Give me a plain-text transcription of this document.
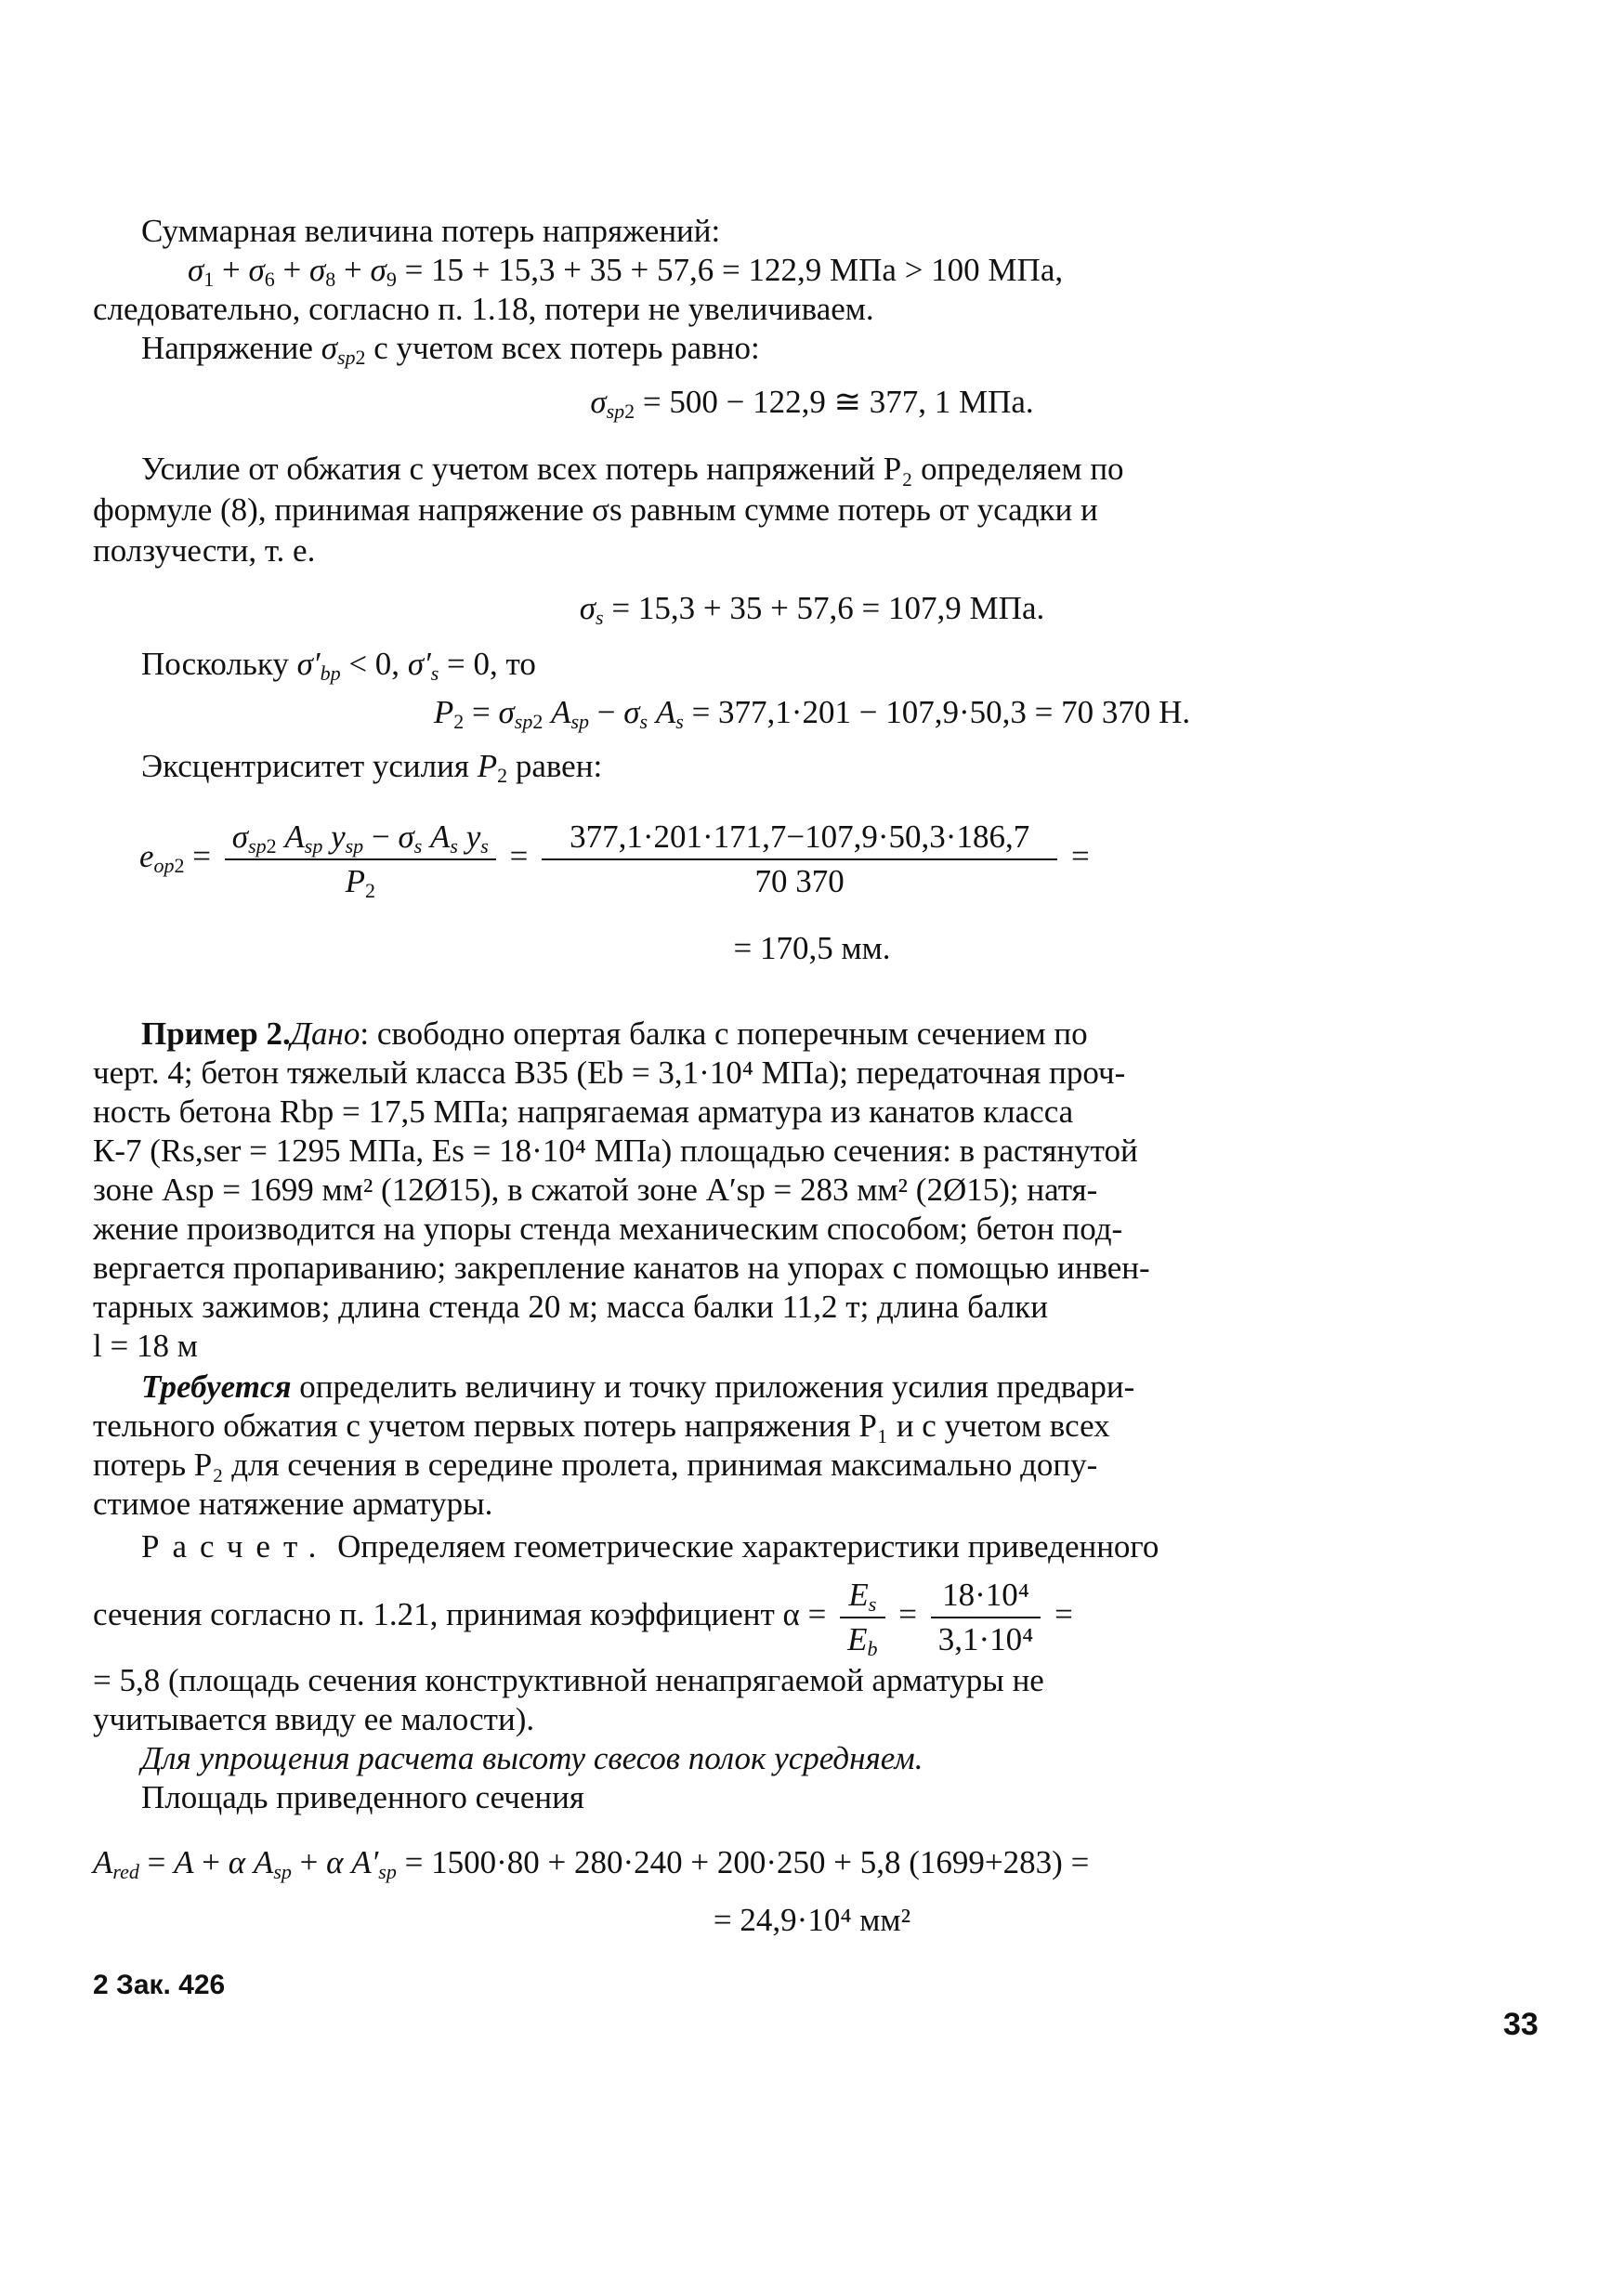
Суммарная величина потерь напряжений:
$\sigma_1 + \sigma_6 + \sigma_8 + \sigma_9 = 15 + 15,3 + 35 + 57,6 = 122,9$ МПа > 100 МПа,
следовательно, согласно п. 1.18, потери не увеличиваем.
Напряжение $\sigma_{sp2}$ с учетом всех потерь равно:
$\sigma_{sp2} = 500 - 122,9$ ≅ 377, 1 МПа.
Усилие от обжатия с учетом всех потерь напряжений P₂ определяем по
формуле (8), принимая напряжение σs равным сумме потерь от усадки и
ползучести, т. е.
$\sigma_s = 15,3 + 35 + 57,6 = 107,9$ МПа.
Поскольку $\sigma'_{bp} < 0$, $\sigma'_s = 0$, то
$P_2 = \sigma_{sp2}$ $A_{sp} - \sigma_s$ $A_s = 377,1\cdot 201 - 107,9\cdot 50,3 = 70$ 370 Н.
Эксцентриситет усилия $P_2$ равен:
$e_{op2} = \frac{\sigma_{sp2} A_{sp} y_{sp} - \sigma_s A_s y_s}{P_2} = \frac{377,1\cdot 201\cdot 171,7-107,9\cdot 50,3\cdot 186,7}{70 370}$ =
= 170,5 мм.
Пример 2.Дано: свободно опертая балка с поперечным сечением по
черт. 4; бетон тяжелый класса B35 (Eb = 3,1·10⁴ МПа); передаточная проч-
ность бетона Rbp = 17,5 МПа; напрягаемая арматура из канатов класса
К-7 (Rs,ser = 1295 МПа, Es = 18·10⁴ МПа) площадью сечения: в растянутой
зоне Asp = 1699 мм² (12Ø15), в сжатой зоне A′sp = 283 мм² (2Ø15); натя-
жение производится на упоры стенда механическим способом; бетон под-
вергается пропариванию; закрепление канатов на упорах с помощью инвен-
тарных зажимов; длина стенда 20 м; масса балки 11,2 т; длина балки
l = 18 м
Требуется определить величину и точку приложения усилия предвари-
тельного обжатия с учетом первых потерь напряжения P₁ и с учетом всех
потерь P₂ для сечения в середине пролета, принимая максимально допу-
стимое натяжение арматуры.
Расчет. Определяем геометрические характеристики приведенного
сечения согласно п. 1.21, принимая коэффициент $\alpha = \frac{E_s}{E_b} = \frac{\text{18·10⁴}}{\text{3,1·10⁴}}$ =
= 5,8 (площадь сечения конструктивной ненапрягаемой арматуры не
учитывается ввиду ее малости).
Для упрощения расчета высоту свесов полок усредняем.
Площадь приведенного сечения
$A_{red} = A + \alpha$ $A_{sp} + \alpha$ $A'_{sp} = 1500\cdot 80 + 280\cdot 240 + 200\cdot 250 + 5,8$ (1699+283) =
= 24,9·10⁴ мм²
2 Зак. 426
33
